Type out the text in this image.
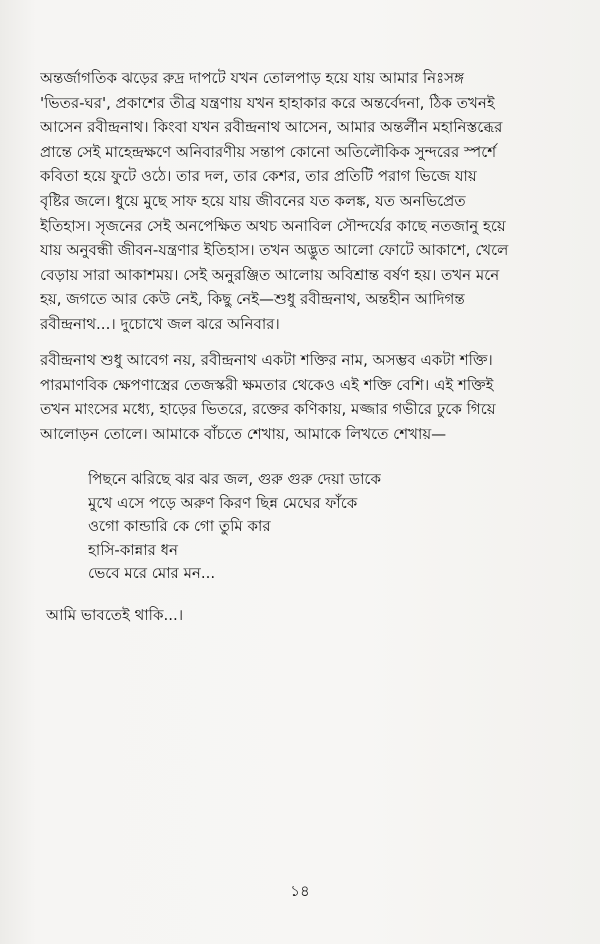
অন্তর্জাগতিক ঝড়ের রুদ্র দাপটে যখন তোলপাড় হয়ে যায় আমার নিঃসঙ্গ
'ভিতর-ঘর', প্রকাশের তীব্র যন্ত্রণায় যখন হাহাকার করে অন্তর্বেদনা, ঠিক তখনই
আসেন রবীন্দ্রনাথ। কিংবা যখন রবীন্দ্রনাথ আসেন, আমার অন্তর্লীন মহানিস্তব্ধের
প্রান্তে সেই মাহেন্দ্রক্ষণে অনিবারণীয় সন্তাপ কোনো অতিলৌকিক সুন্দরের স্পর্শে
কবিতা হয়ে ফুটে ওঠে। তার দল, তার কেশর, তার প্রতিটি পরাগ ভিজে যায়
বৃষ্টির জলে। ধুয়ে মুছে সাফ হয়ে যায় জীবনের যত কলঙ্ক, যত অনভিপ্রেত
ইতিহাস। সৃজনের সেই অনপেক্ষিত অথচ অনাবিল সৌন্দর্যের কাছে নতজানু হয়ে
যায় অনুবন্ধী জীবন-যন্ত্রণার ইতিহাস। তখন অদ্ভুত আলো ফোটে আকাশে, খেলে
বেড়ায় সারা আকাশময়। সেই অনুরঞ্জিত আলোয় অবিশ্রান্ত বর্ষণ হয়। তখন মনে
হয়, জগতে আর কেউ নেই, কিছু নেই—শুধু রবীন্দ্রনাথ, অন্তহীন আদিগন্ত
রবীন্দ্রনাথ...। দুচোখে জল ঝরে অনিবার।
রবীন্দ্রনাথ শুধু আবেগ নয়, রবীন্দ্রনাথ একটা শক্তির নাম, অসম্ভব একটা শক্তি।
পারমাণবিক ক্ষেপণাস্ত্রের তেজস্করী ক্ষমতার থেকেও এই শক্তি বেশি। এই শক্তিই
তখন মাংসের মধ্যে, হাড়ের ভিতরে, রক্তের কণিকায়, মজ্জার গভীরে ঢুকে গিয়ে
আলোড়ন তোলে। আমাকে বাঁচতে শেখায়, আমাকে লিখতে শেখায়—
পিছনে ঝরিছে ঝর ঝর জল, গুরু গুরু দেয়া ডাকে
মুখে এসে পড়ে অরুণ কিরণ ছিন্ন মেঘের ফাঁকে
ওগো কান্ডারি কে গো তুমি কার
হাসি-কান্নার ধন
ভেবে মরে মোর মন...
আমি ভাবতেই থাকি...।
১৪
